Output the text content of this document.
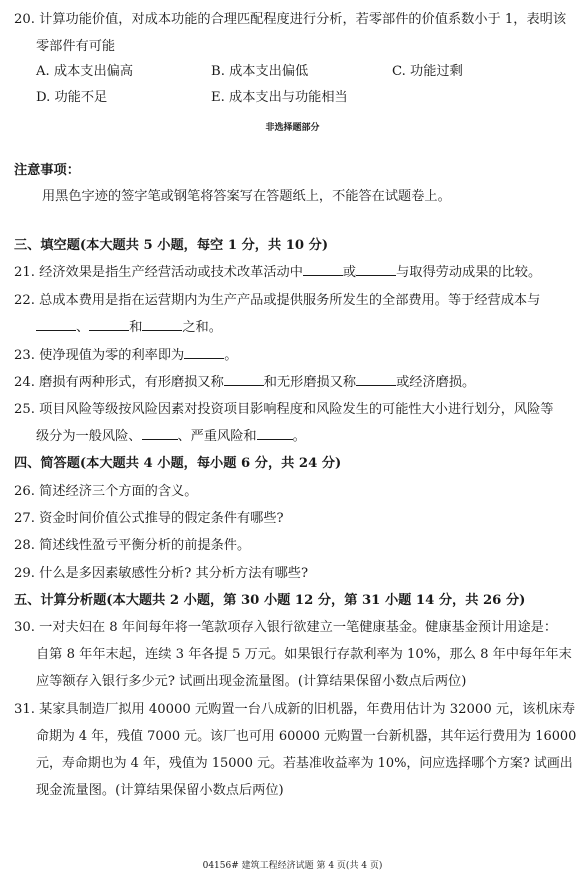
20. 计算功能价值，对成本功能的合理匹配程度进行分析，若零部件的价值系数小于 1，表明该
零部件有可能
A. 成本支出偏高	B. 成本支出偏低	C. 功能过剩
D. 功能不足	E. 成本支出与功能相当
非选择题部分
注意事项：
用黑色字迹的签字笔或钢笔将答案写在答题纸上，不能答在试题卷上。
三、填空题(本大题共 5 小题，每空 1 分，共 10 分)
21. 经济效果是指生产经营活动或技术改革活动中	或	与取得劳动成果的比较。
22. 总成本费用是指在运营期内为生产产品或提供服务所发生的全部费用。等于经营成本与
、	和	之和。
23. 使净现值为零的利率即为	。
24. 磨损有两种形式，有形磨损又称	和无形磨损又称	或经济磨损。
25. 项目风险等级按风险因素对投资项目影响程度和风险发生的可能性大小进行划分，风险等
级分为一般风险、	、严重风险和	。
四、简答题(本大题共 4 小题，每小题 6 分，共 24 分)
26. 简述经济三个方面的含义。
27. 资金时间价值公式推导的假定条件有哪些?
28. 简述线性盈亏平衡分析的前提条件。
29. 什么是多因素敏感性分析? 其分析方法有哪些?
五、计算分析题(本大题共 2 小题，第 30 小题 12 分，第 31 小题 14 分，共 26 分)
30. 一对夫妇在 8 年间每年将一笔款项存入银行欲建立一笔健康基金。健康基金预计用途是：
自第 8 年年末起，连续 3 年各提 5 万元。如果银行存款利率为 10%，那么 8 年中每年年末
应等额存入银行多少元? 试画出现金流量图。(计算结果保留小数点后两位)
31. 某家具制造厂拟用 40000 元购置一台八成新的旧机器，年费用估计为 32000 元，该机床寿
命期为 4 年，残值 7000 元。该厂也可用 60000 元购置一台新机器，其年运行费用为 16000
元，寿命期也为 4 年，残值为 15000 元。若基准收益率为 10%，问应选择哪个方案? 试画出
现金流量图。(计算结果保留小数点后两位)
04156# 建筑工程经济试题 第 4 页(共 4 页)
